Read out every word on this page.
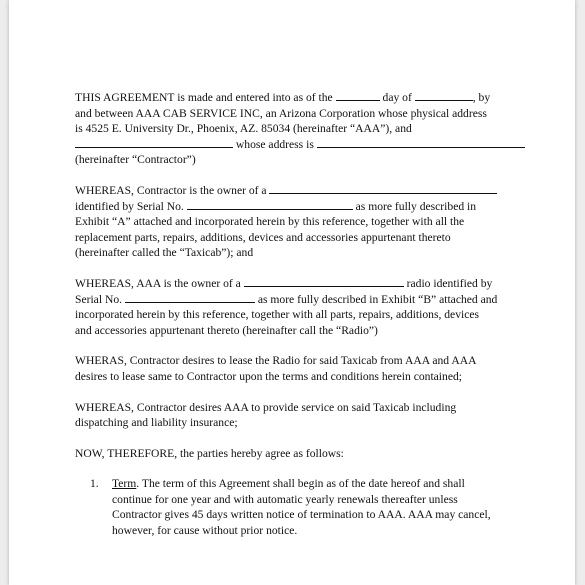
THIS AGREEMENT is made and entered into as of the	day of	, by
and between AAA CAB SERVICE INC, an Arizona Corporation whose physical address
is 4525 E. University Dr., Phoenix, AZ. 85034 (hereinafter “AAA”), and
whose address is
(hereinafter “Contractor”)
WHEREAS, Contractor is the owner of a
identified by Serial No.	as more fully described in
Exhibit “A” attached and incorporated herein by this reference, together with all the
replacement parts, repairs, additions, devices and accessories appurtenant thereto
(hereinafter called the “Taxicab”); and
WHEREAS, AAA is the owner of a	radio identified by
Serial No.	as more fully described in Exhibit “B” attached and
incorporated herein by this reference, together with all parts, repairs, additions, devices
and accessories appurtenant thereto (hereinafter call the “Radio”)
WHERAS, Contractor desires to lease the Radio for said Taxicab from AAA and AAA
desires to lease same to Contractor upon the terms and conditions herein contained;
WHEREAS, Contractor desires AAA to provide service on said Taxicab including
dispatching and liability insurance;
NOW, THEREFORE, the parties hereby agree as follows:
1. Term. The term of this Agreement shall begin as of the date hereof and shall
continue for one year and with automatic yearly renewals thereafter unless
Contractor gives 45 days written notice of termination to AAA. AAA may cancel,
however, for cause without prior notice.
